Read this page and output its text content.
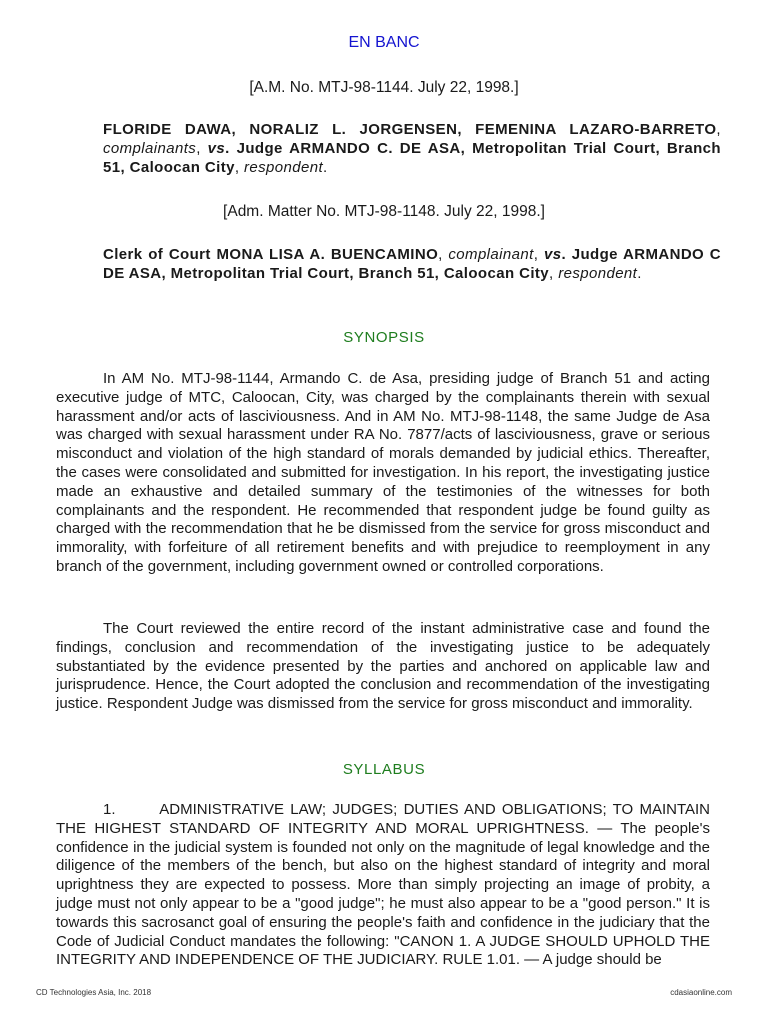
EN BANC
[A.M. No. MTJ-98-1144. July 22, 1998.]
FLORIDE DAWA, NORALIZ L. JORGENSEN, FEMENINA LAZARO-BARRETO, complainants, vs. Judge ARMANDO C. DE ASA, Metropolitan Trial Court, Branch 51, Caloocan City, respondent.
[Adm. Matter No. MTJ-98-1148. July 22, 1998.]
Clerk of Court MONA LISA A. BUENCAMINO, complainant, vs. Judge ARMANDO C DE ASA, Metropolitan Trial Court, Branch 51, Caloocan City, respondent.
SYNOPSIS
In AM No. MTJ-98-1144, Armando C. de Asa, presiding judge of Branch 51 and acting executive judge of MTC, Caloocan, City, was charged by the complainants therein with sexual harassment and/or acts of lasciviousness. And in AM No. MTJ-98-1148, the same Judge de Asa was charged with sexual harassment under RA No. 7877/acts of lasciviousness, grave or serious misconduct and violation of the high standard of morals demanded by judicial ethics. Thereafter, the cases were consolidated and submitted for investigation. In his report, the investigating justice made an exhaustive and detailed summary of the testimonies of the witnesses for both complainants and the respondent. He recommended that respondent judge be found guilty as charged with the recommendation that he be dismissed from the service for gross misconduct and immorality, with forfeiture of all retirement benefits and with prejudice to reemployment in any branch of the government, including government owned or controlled corporations.
The Court reviewed the entire record of the instant administrative case and found the findings, conclusion and recommendation of the investigating justice to be adequately substantiated by the evidence presented by the parties and anchored on applicable law and jurisprudence. Hence, the Court adopted the conclusion and recommendation of the investigating justice. Respondent Judge was dismissed from the service for gross misconduct and immorality.
SYLLABUS
1.       ADMINISTRATIVE LAW; JUDGES; DUTIES AND OBLIGATIONS; TO MAINTAIN THE HIGHEST STANDARD OF INTEGRITY AND MORAL UPRIGHTNESS. — The people's confidence in the judicial system is founded not only on the magnitude of legal knowledge and the diligence of the members of the bench, but also on the highest standard of integrity and moral uprightness they are expected to possess. More than simply projecting an image of probity, a judge must not only appear to be a "good judge"; he must also appear to be a "good person." It is towards this sacrosanct goal of ensuring the people's faith and confidence in the judiciary that the Code of Judicial Conduct mandates the following: "CANON 1. A JUDGE SHOULD UPHOLD THE INTEGRITY AND INDEPENDENCE OF THE JUDICIARY. RULE 1.01. — A judge should be
CD Technologies Asia, Inc. 2018	cdasiaonline.com
